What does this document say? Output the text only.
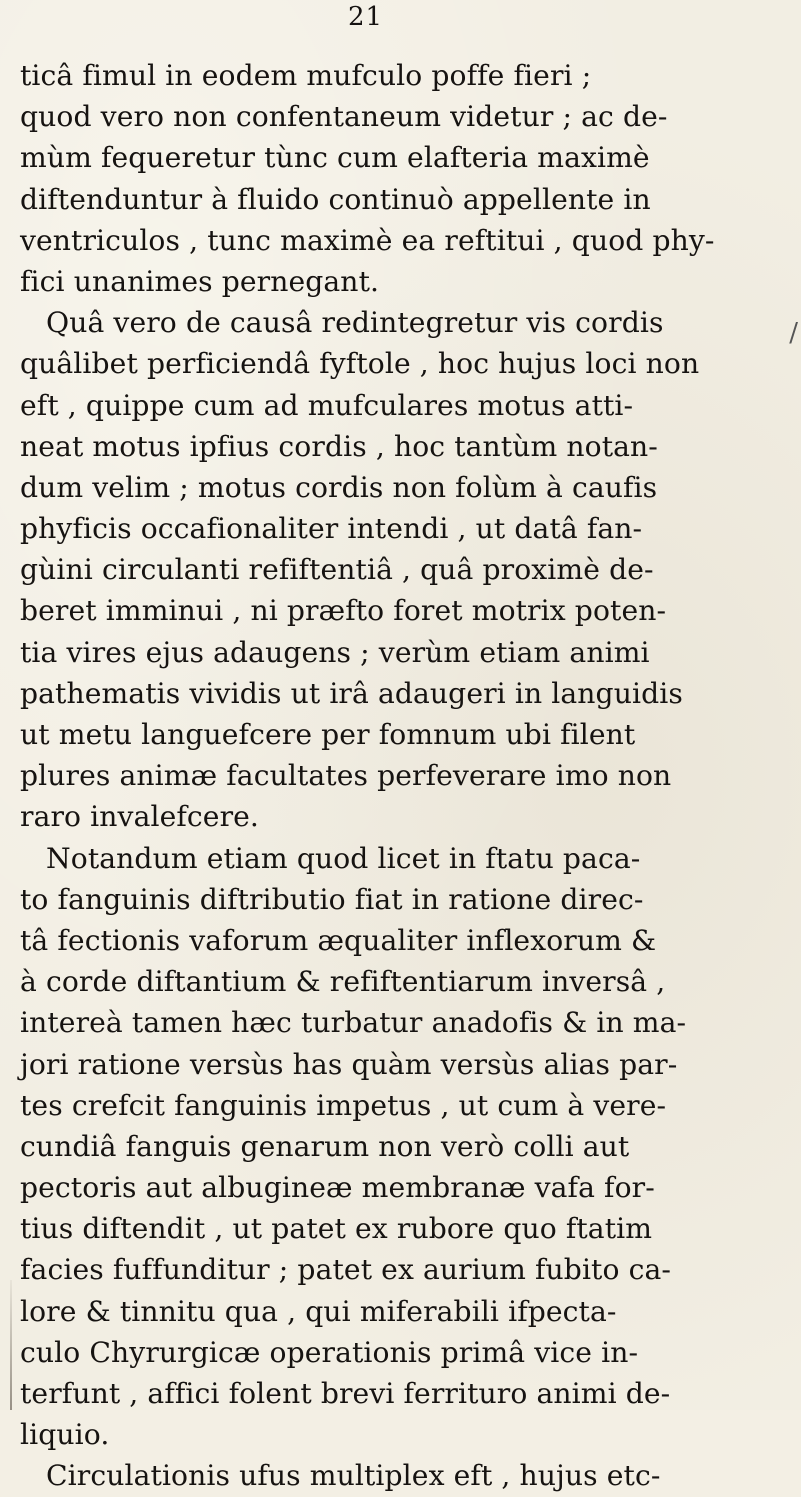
21
ticâ fimul in eodem mufculo poffe fieri ;
quod vero non confentaneum videtur ; ac de-
mùm fequeretur tùnc cum elafteria maximè
diftenduntur à fluido continuò appellente in
ventriculos , tunc maximè ea reftitui , quod phy-
fici unanimes pernegant.
Quâ vero de causâ redintegretur vis cordis
quâlibet perficiendâ fyftole , hoc hujus loci non
eft , quippe cum ad mufculares motus atti-
neat motus ipfius cordis , hoc tantùm notan-
dum velim ; motus cordis non folùm à caufis
phyficis occafionaliter intendi , ut datâ fan-
gùini circulanti refiftentiâ , quâ proximè de-
beret imminui , ni præfto foret motrix poten-
tia vires ejus adaugens ; verùm etiam animi
pathematis vividis ut irâ adaugeri in languidis
ut metu languefcere per fomnum ubi filent
plures animæ facultates perfeverare imo non
raro invalefcere.
Notandum etiam quod licet in ftatu paca-
to fanguinis diftributio fiat in ratione direc-
tâ fectionis vaforum æqualiter inflexorum &
à corde diftantium & refiftentiarum inversâ ,
intereà tamen hæc turbatur anadofis & in ma-
jori ratione versùs has quàm versùs alias par-
tes crefcit fanguinis impetus , ut cum à vere-
cundiâ fanguis genarum non verò colli aut
pectoris aut albugineæ membranæ vafa for-
tius diftendit , ut patet ex rubore quo ftatim
facies fuffunditur ; patet ex aurium fubito ca-
lore & tinnitu qua , qui miferabili ifpecta-
culo Chyrurgicæ operationis primâ vice in-
terfunt , affici folent brevi ferrituro animi de-
liquio.
Circulationis ufus multiplex eft , hujus etc-
/
